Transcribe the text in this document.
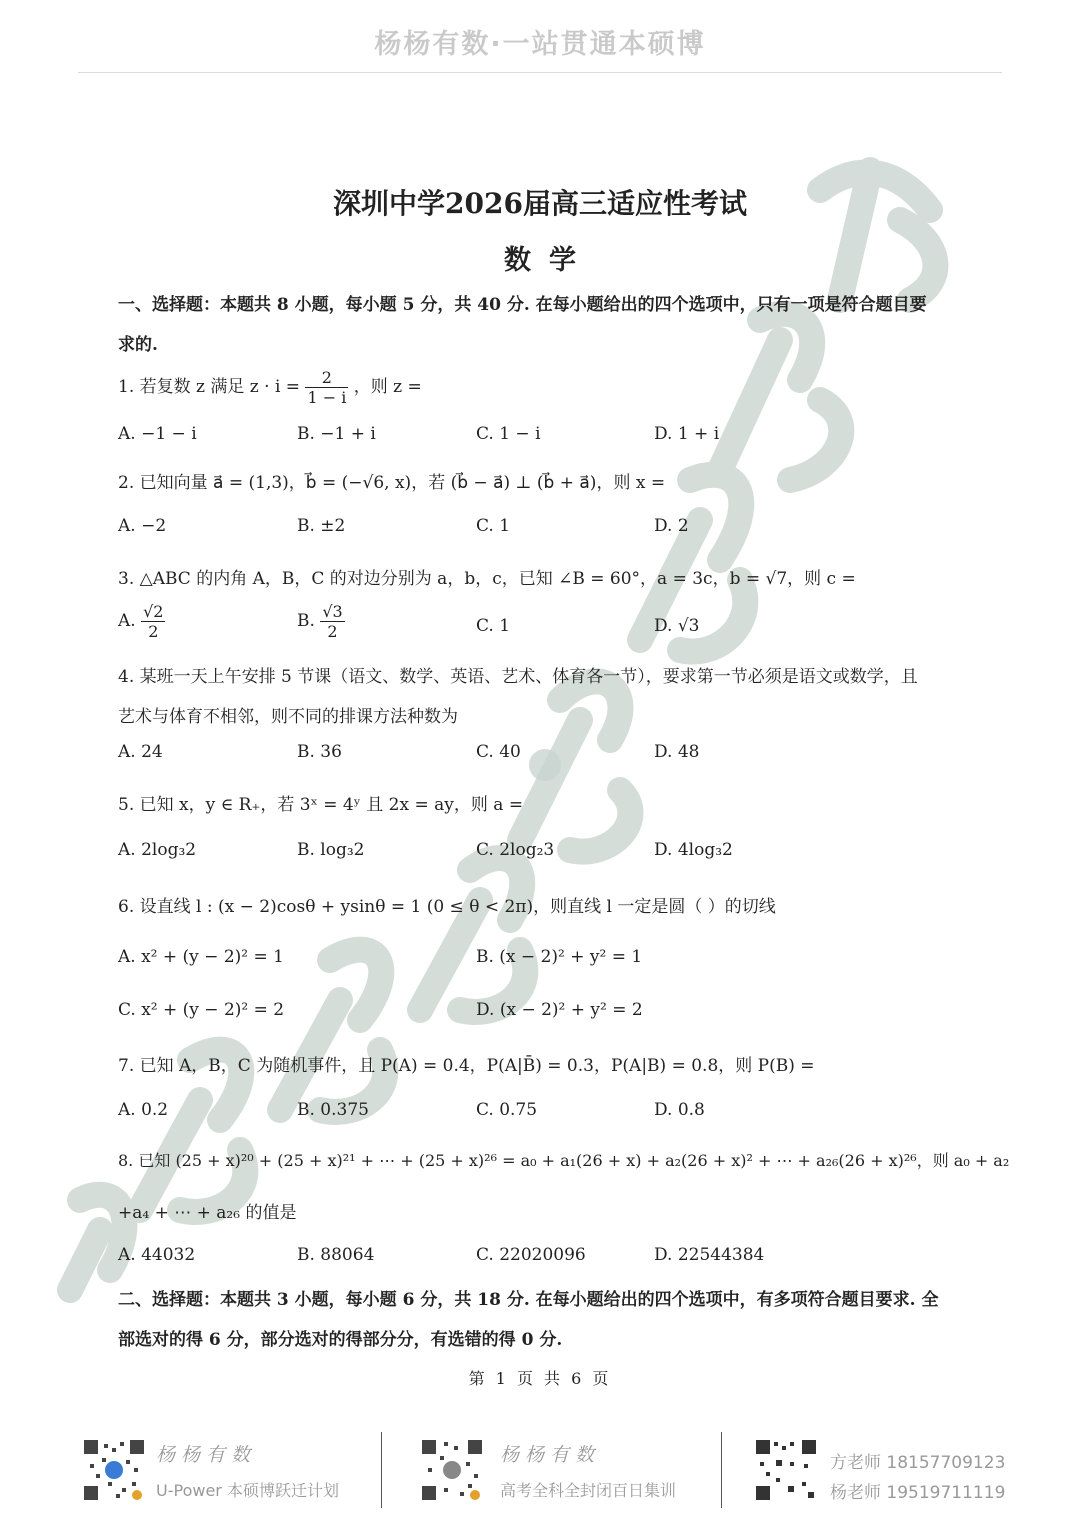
杨杨有数·一站贯通本硕博
深圳中学2026届高三适应性考试
数学
一、选择题：本题共 8 小题，每小题 5 分，共 40 分. 在每小题给出的四个选项中，只有一项是符合题目要
求的.
1. 若复数 z 满足 $z \cdot i = \frac{2}{1 - i}$ ，则 z =
A. −1 − i	B. −1 + i	C. 1 − i	D. 1 + i
2. 已知向量 a⃗ = (1,3)，b⃗ = (−√6, x)，若 (b⃗ − a⃗) ⊥ (b⃗ + a⃗)，则 x =
A. −2	B. ±2	C. 1	D. 2
3. △ABC 的内角 A，B，C 的对边分别为 a，b，c，已知 ∠B = 60°，a = 3c，b = √7，则 c =
A. $\frac{√2}{2}$	B. $\frac{√3}{2}$	C. 1	D. √3
4. 某班一天上午安排 5 节课（语文、数学、英语、艺术、体育各一节），要求第一节必须是语文或数学，且
艺术与体育不相邻，则不同的排课方法种数为
A. 24	B. 36	C. 40	D. 48
5. 已知 x，y ∈ R₊，若 3ˣ = 4ʸ 且 2x = ay，则 a =
A. 2log₃2	B. log₃2	C. 2log₂3	D. 4log₃2
6. 设直线 l : (x − 2)cosθ + ysinθ = 1 (0 ≤ θ < 2π)，则直线 l 一定是圆（ ）的切线
A. x² + (y − 2)² = 1	B. (x − 2)² + y² = 1
C. x² + (y − 2)² = 2	D. (x − 2)² + y² = 2
7. 已知 A，B，C 为随机事件，且 P(A) = 0.4，P(A|B̄) = 0.3，P(A|B) = 0.8，则 P(B) =
A. 0.2	B. 0.375	C. 0.75	D. 0.8
8. 已知 (25 + x)²⁰ + (25 + x)²¹ + ⋯ + (25 + x)²⁶ = a₀ + a₁(26 + x) + a₂(26 + x)² + ⋯ + a₂₆(26 + x)²⁶，则 a₀ + a₂
+a₄ + ⋯ + a₂₆ 的值是
A. 44032	B. 88064	C. 22020096	D. 22544384
二、选择题：本题共 3 小题，每小题 6 分，共 18 分. 在每小题给出的四个选项中，有多项符合题目要求. 全
部选对的得 6 分，部分选对的得部分分，有选错的得 0 分.
第 1 页 共 6 页
杨杨有数
U-Power 本硕博跃迁计划
杨杨有数
高考全科全封闭百日集训
方老师 18157709123
杨老师 19519711119
